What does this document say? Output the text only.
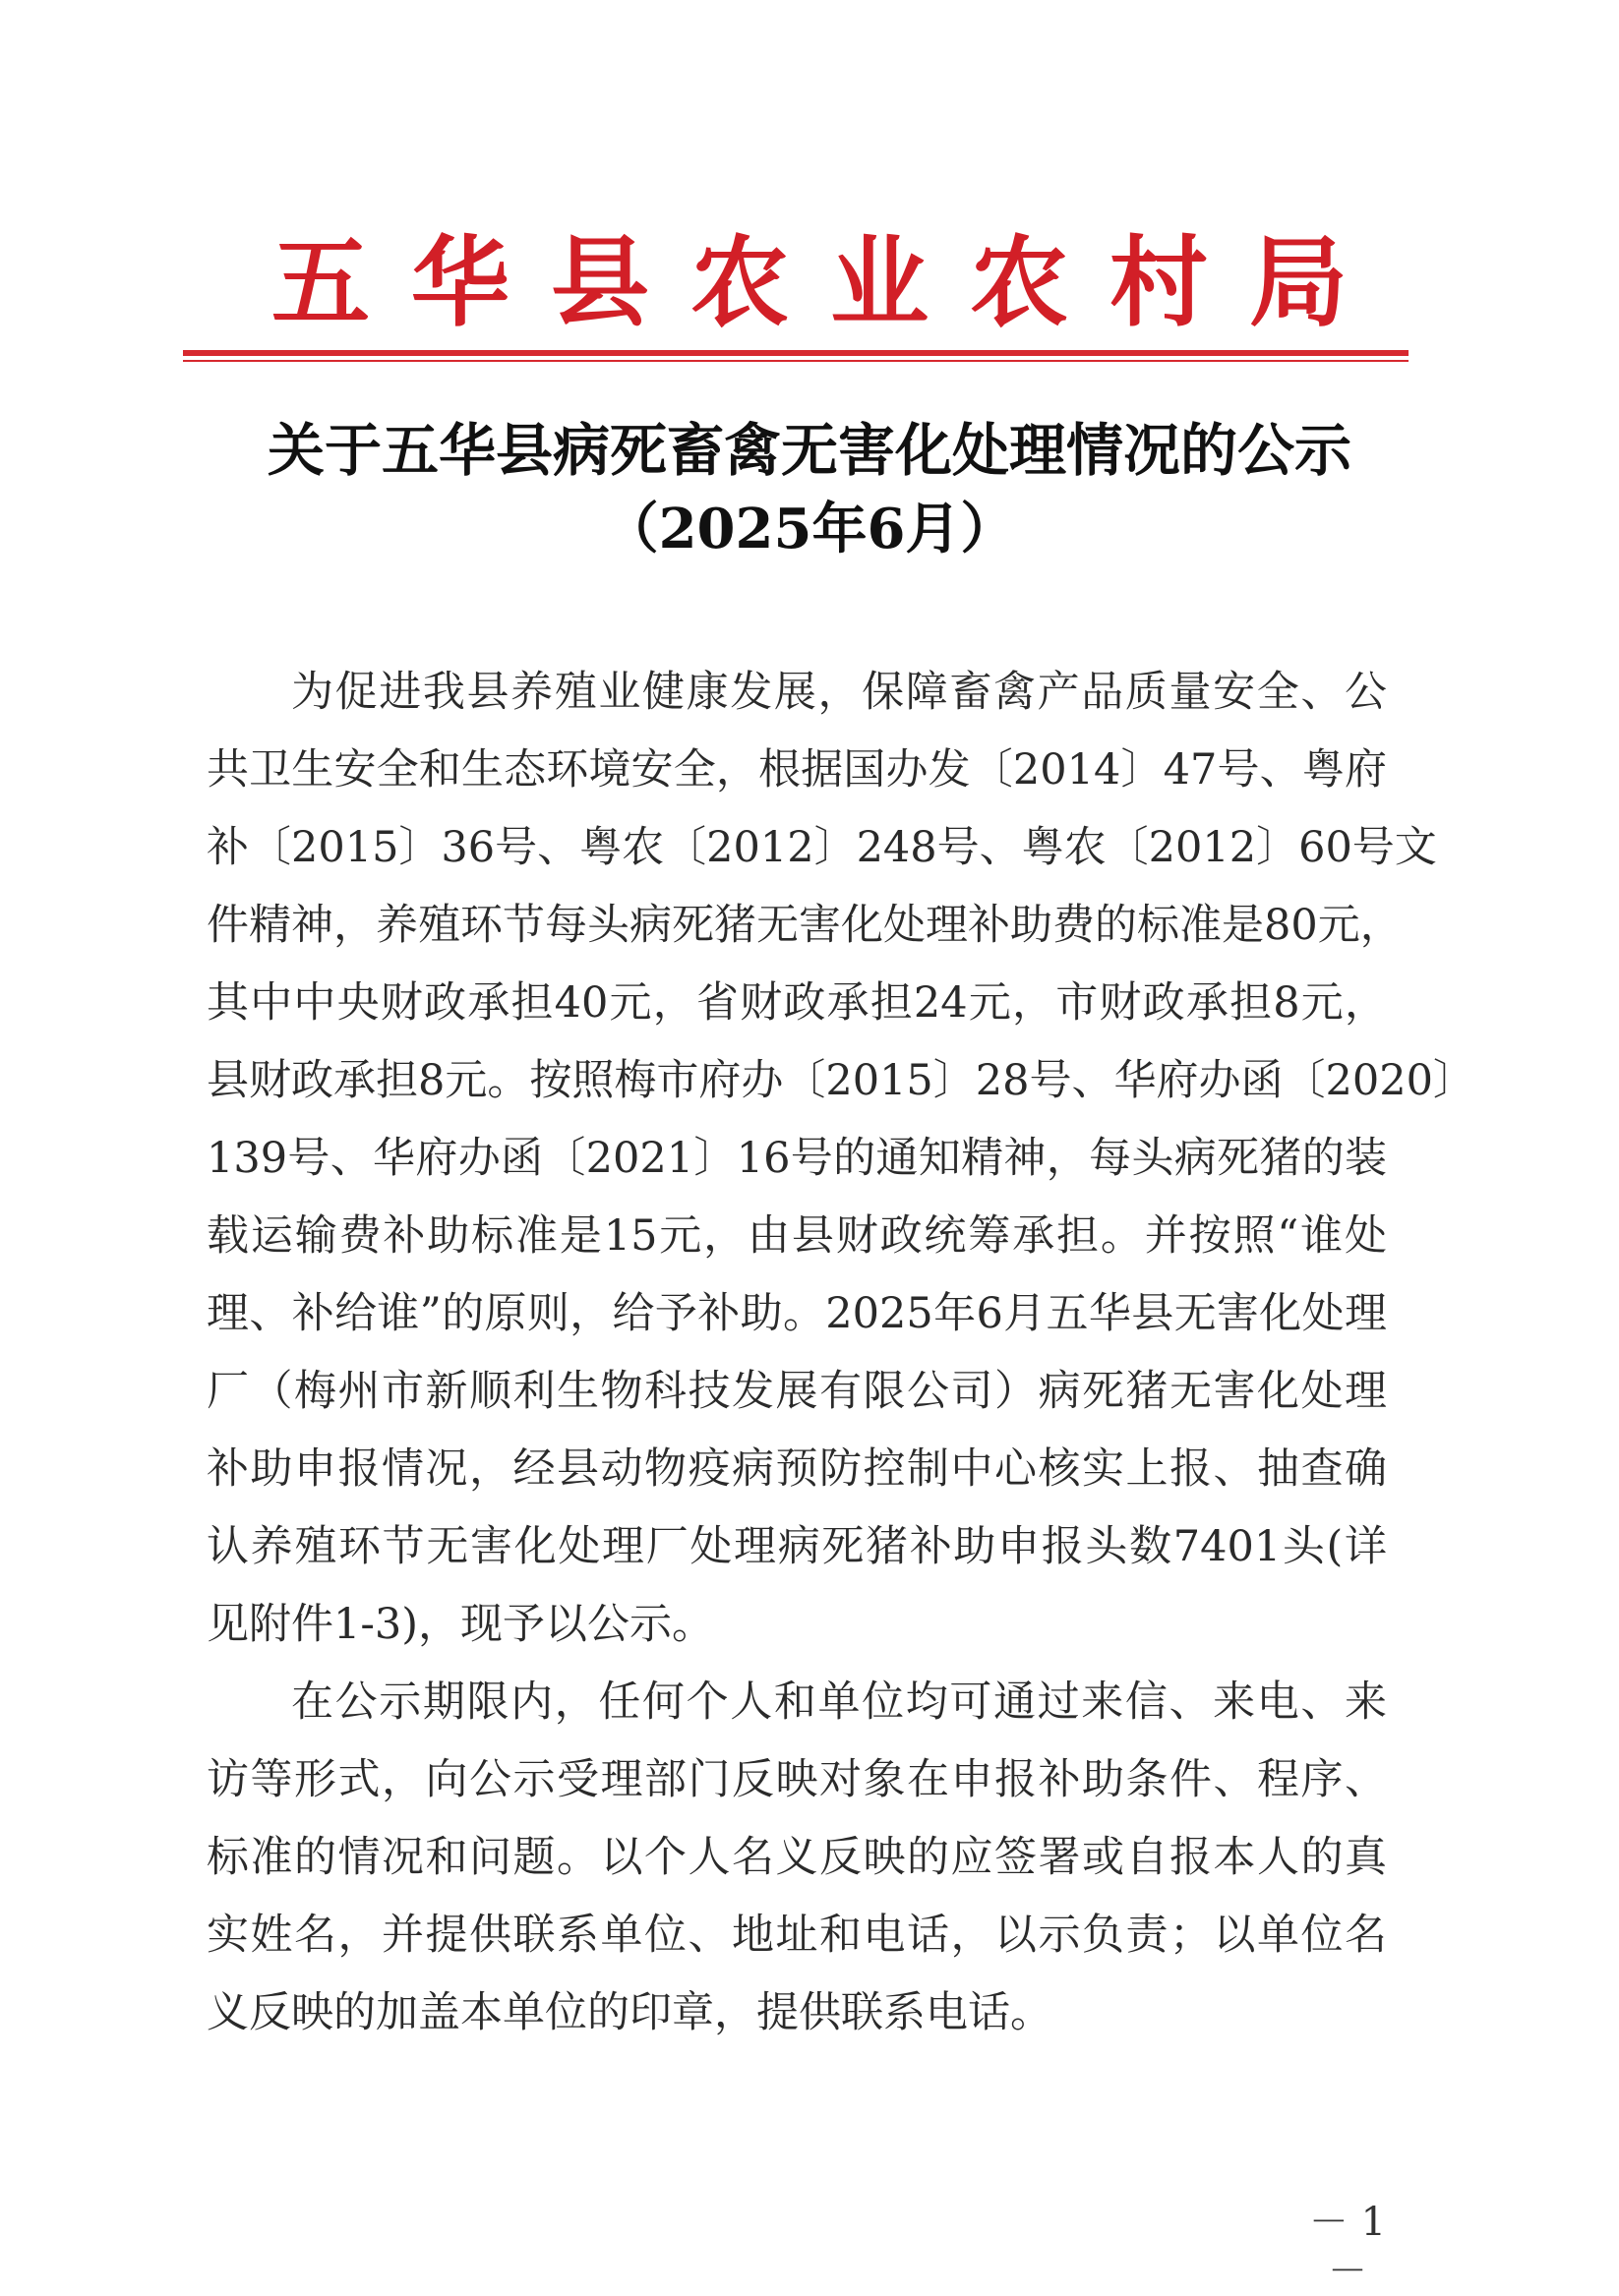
五华县农业农村局
关于五华县病死畜禽无害化处理情况的公示
（2025年6月）
为促进我县养殖业健康发展，保障畜禽产品质量安全、公
共卫生安全和生态环境安全，根据国办发〔2014〕47号、粤府
补〔2015〕36号、粤农〔2012〕248号、粤农〔2012〕60号文
件精神，养殖环节每头病死猪无害化处理补助费的标准是80元，
其中中央财政承担40元，省财政承担24元，市财政承担8元，
县财政承担8元。按照梅市府办〔2015〕28号、华府办函〔2020〕
139号、华府办函〔2021〕16号的通知精神，每头病死猪的装
载运输费补助标准是15元，由县财政统筹承担。并按照“谁处
理、补给谁”的原则，给予补助。2025年6月五华县无害化处理
厂（梅州市新顺利生物科技发展有限公司）病死猪无害化处理
补助申报情况，经县动物疫病预防控制中心核实上报、抽查确
认养殖环节无害化处理厂处理病死猪补助申报头数7401头(详
见附件1-3)，现予以公示。
在公示期限内，任何个人和单位均可通过来信、来电、来
访等形式，向公示受理部门反映对象在申报补助条件、程序、
标准的情况和问题。以个人名义反映的应签署或自报本人的真
实姓名，并提供联系单位、地址和电话，以示负责；以单位名
义反映的加盖本单位的印章，提供联系电话。
－ 1 －
